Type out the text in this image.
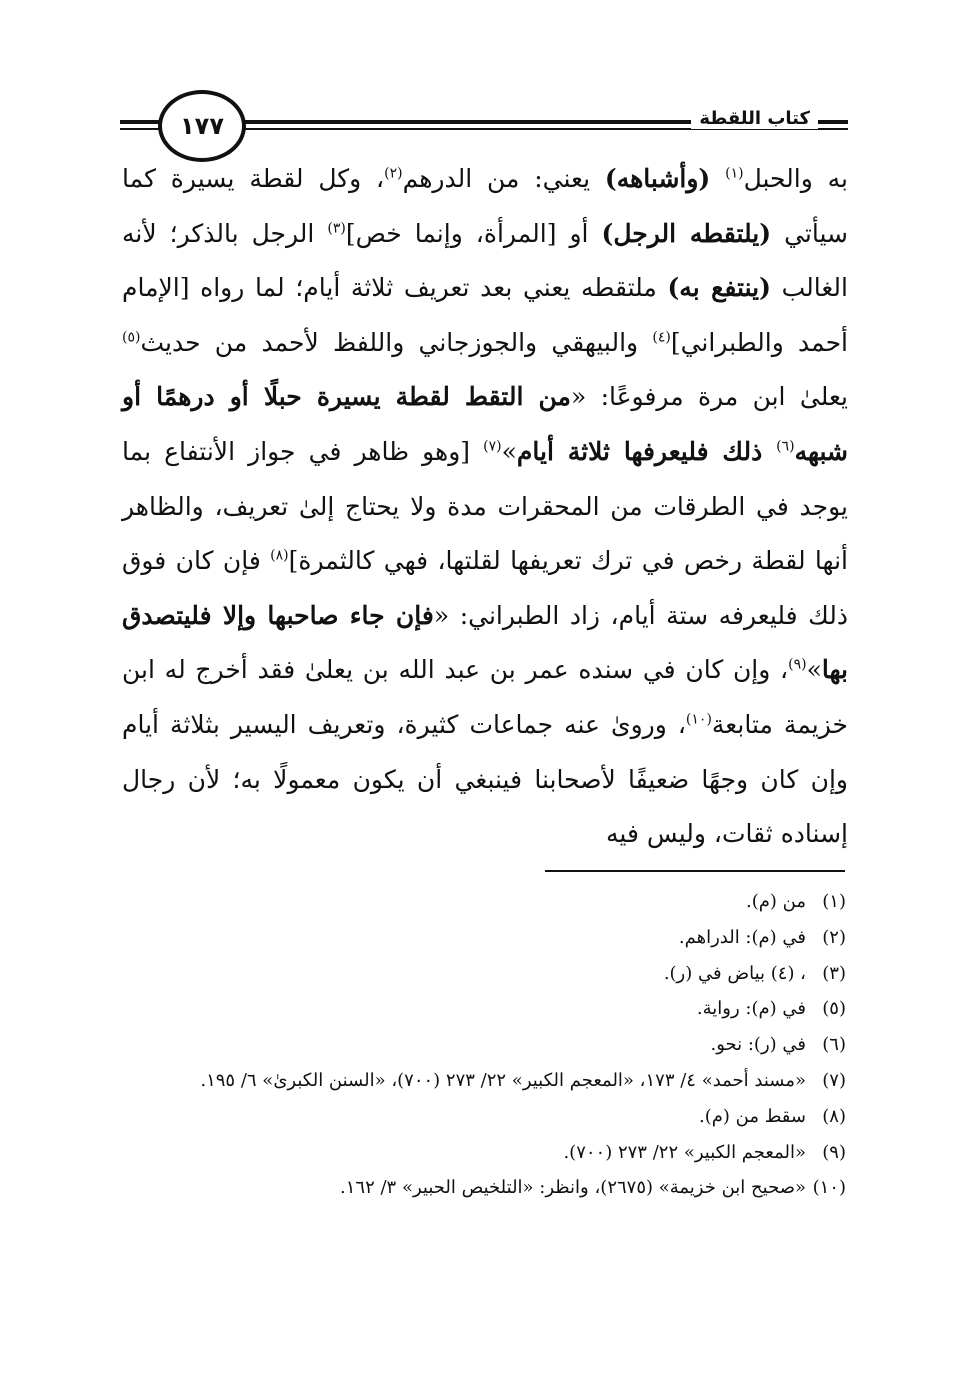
١٧٧	كتاب اللقطة
به والحبل$^{(١)}$ (وأشباهه) يعني: من الدرهم$^{(٢)}$، وكل لقطة يسيرة كما سيأتي (يلتقطه الرجل) أو [المرأة، وإنما خص]$^{(٣)}$ الرجل بالذكر؛ لأنه الغالب (ينتفع به) ملتقطه يعني بعد تعريف ثلاثة أيام؛ لما رواه [الإمام أحمد والطبراني]$^{(٤)}$ والبيهقي والجوزجاني واللفظ لأحمد من حديث$^{(٥)}$ يعلىٰ ابن مرة مرفوعًا: «من التقط لقطة يسيرة حبلًا أو درهمًا أو شبهه$^{(٦)}$ ذلك فليعرفها ثلاثة أيام»$^{(٧)}$ [وهو ظاهر في جواز الأنتفاع بما يوجد في الطرقات من المحقرات مدة ولا يحتاج إلىٰ تعريف، والظاهر أنها لقطة رخص في ترك تعريفها لقلتها، فهي كالثمرة]$^{(٨)}$ فإن كان فوق ذلك فليعرفه ستة أيام، زاد الطبراني: «فإن جاء صاحبها وإلا فليتصدق بها»$^{(٩)}$، وإن كان في سنده عمر بن عبد الله بن يعلىٰ فقد أخرج له ابن خزيمة متابعة$^{(١٠)}$، وروىٰ عنه جماعات كثيرة، وتعريف اليسير بثلاثة أيام وإن كان وجهًا ضعيفًا لأصحابنا فينبغي أن يكون معمولًا به؛ لأن رجال إسناده ثقات، وليس فيه
(١)
من (م).
(٢)
في (م): الدراهم.
(٣)
، (٤) بياض في (ر).
(٥)
في (م): رواية.
(٦)
في (ر): نحو.
(٧)
«مسند أحمد» ٤/ ١٧٣، «المعجم الكبير» ٢٢/ ٢٧٣ (٧٠٠)، «السنن الكبرىٰ» ٦/ ١٩٥.
(٨)
سقط من (م).
(٩)
«المعجم الكبير» ٢٢/ ٢٧٣ (٧٠٠).
(١٠)
«صحيح ابن خزيمة» (٢٦٧٥)، وانظر: «التلخيص الحبير» ٣/ ١٦٢.
